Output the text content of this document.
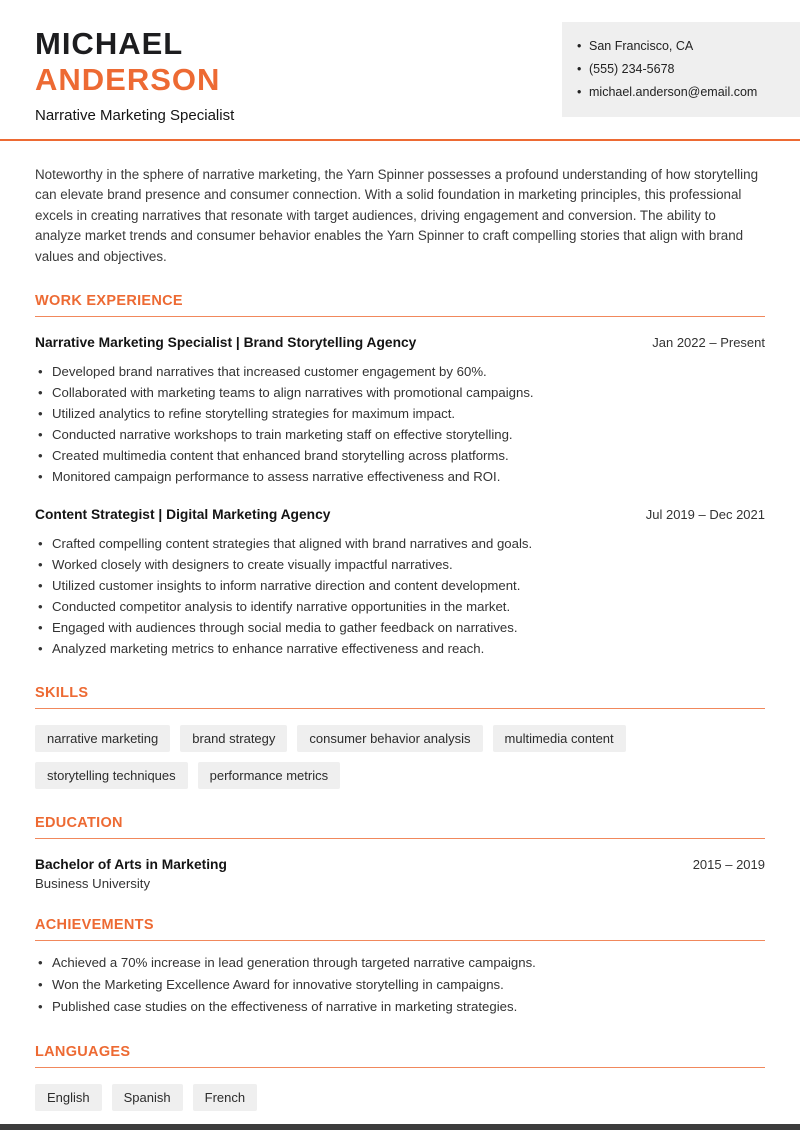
MICHAEL
ANDERSON
Narrative Marketing Specialist
• San Francisco, CA
• (555) 234-5678
• michael.anderson@email.com

Noteworthy in the sphere of narrative marketing, the Yarn Spinner possesses a profound understanding of how storytelling can elevate brand presence and consumer connection. With a solid foundation in marketing principles, this professional excels in creating narratives that resonate with target audiences, driving engagement and conversion. The ability to analyze market trends and consumer behavior enables the Yarn Spinner to craft compelling stories that align with brand values and objectives.

WORK EXPERIENCE
Narrative Marketing Specialist | Brand Storytelling Agency	Jan 2022 – Present
• Developed brand narratives that increased customer engagement by 60%.
• Collaborated with marketing teams to align narratives with promotional campaigns.
• Utilized analytics to refine storytelling strategies for maximum impact.
• Conducted narrative workshops to train marketing staff on effective storytelling.
• Created multimedia content that enhanced brand storytelling across platforms.
• Monitored campaign performance to assess narrative effectiveness and ROI.
Content Strategist | Digital Marketing Agency	Jul 2019 – Dec 2021
• Crafted compelling content strategies that aligned with brand narratives and goals.
• Worked closely with designers to create visually impactful narratives.
• Utilized customer insights to inform narrative direction and content development.
• Conducted competitor analysis to identify narrative opportunities in the market.
• Engaged with audiences through social media to gather feedback on narratives.
• Analyzed marketing metrics to enhance narrative effectiveness and reach.
SKILLS
narrative marketing	brand strategy	consumer behavior analysis	multimedia content
storytelling techniques	performance metrics
EDUCATION
Bachelor of Arts in Marketing	2015 – 2019
Business University
ACHIEVEMENTS
• Achieved a 70% increase in lead generation through targeted narrative campaigns.
• Won the Marketing Excellence Award for innovative storytelling in campaigns.
• Published case studies on the effectiveness of narrative in marketing strategies.
LANGUAGES
English	Spanish	French
